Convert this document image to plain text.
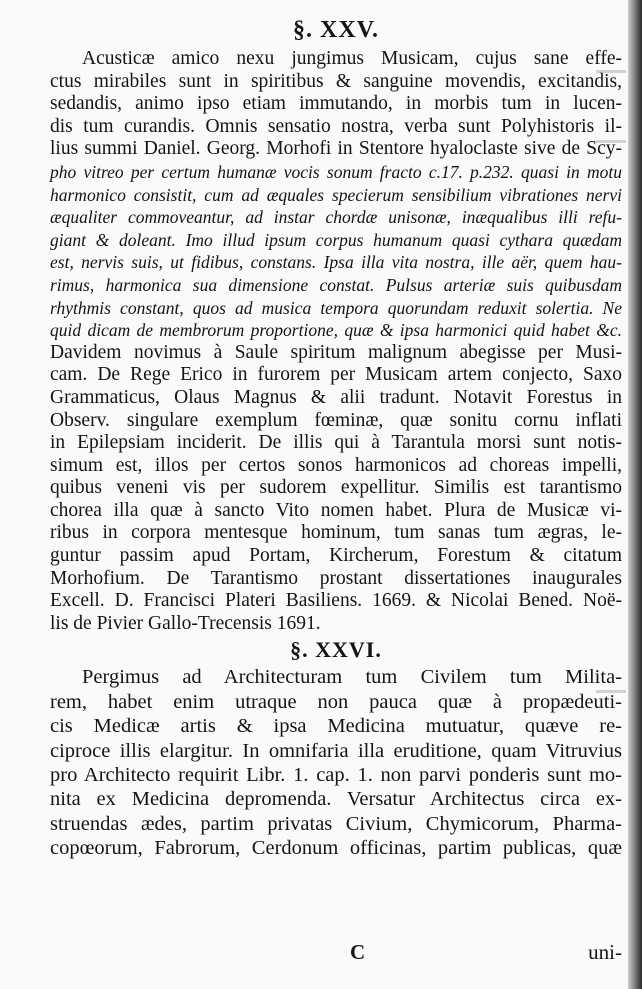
§. XXV.

Acusticæ amico nexu jungimus Musicam, cujus sane effe-

ctus mirabiles sunt in spiritibus & sanguine movendis, excitandis,

sedandis, animo ipso etiam immutando, in morbis tum in lucen-

dis tum curandis. Omnis sensatio nostra, verba sunt Polyhistoris il-

lius summi Daniel. Georg. Morhofi in Stentore hyaloclaste sive de Scy-

pho vitreo per certum humanæ vocis sonum fracto c.17. p.232. quasi in motu

harmonico consistit, cum ad æquales specierum sensibilium vibrationes nervi

æqualiter commoveantur, ad instar chordæ unisonæ, inæqualibus illi refu-

giant & doleant. Imo illud ipsum corpus humanum quasi cythara quædam

est, nervis suis, ut fidibus, constans. Ipsa illa vita nostra, ille aër, quem hau-

rimus, harmonica sua dimensione constat. Pulsus arteriæ suis quibusdam

rhythmis constant, quos ad musica tempora quorundam reduxit solertia. Ne

quid dicam de membrorum proportione, quæ & ipsa harmonici quid habet &c.

Davidem novimus à Saule spiritum malignum abegisse per Musi-

cam. De Rege Erico in furorem per Musicam artem conjecto, Saxo

Grammaticus, Olaus Magnus & alii tradunt. Notavit Forestus in

Observ. singulare exemplum fœminæ, quæ sonitu cornu inflati

in Epilepsiam inciderit. De illis qui à Tarantula morsi sunt notis-

simum est, illos per certos sonos harmonicos ad choreas impelli,

quibus veneni vis per sudorem expellitur. Similis est tarantismo

chorea illa quæ à sancto Vito nomen habet. Plura de Musicæ vi-

ribus in corpora mentesque hominum, tum sanas tum ægras, le-

guntur passim apud Portam, Kircherum, Forestum & citatum

Morhofium. De Tarantismo prostant dissertationes inaugurales

Excell. D. Francisci Plateri Basiliens. 1669. & Nicolai Bened. Noë-

lis de Pivier Gallo-Trecensis 1691.

§. XXVI.

Pergimus ad Architecturam tum Civilem tum Milita-

rem, habet enim utraque non pauca quæ à propædeuti-

cis Medicæ artis & ipsa Medicina mutuatur, quæve re-

ciproce illis elargitur. In omnifaria illa eruditione, quam Vitruvius

pro Architecto requirit Libr. 1. cap. 1. non parvi ponderis sunt mo-

nita ex Medicina depromenda. Versatur Architectus circa ex-

struendas ædes, partim privatas Civium, Chymicorum, Pharma-

copœorum, Fabrorum, Cerdonum officinas, partim publicas, quæ

C	uni-
